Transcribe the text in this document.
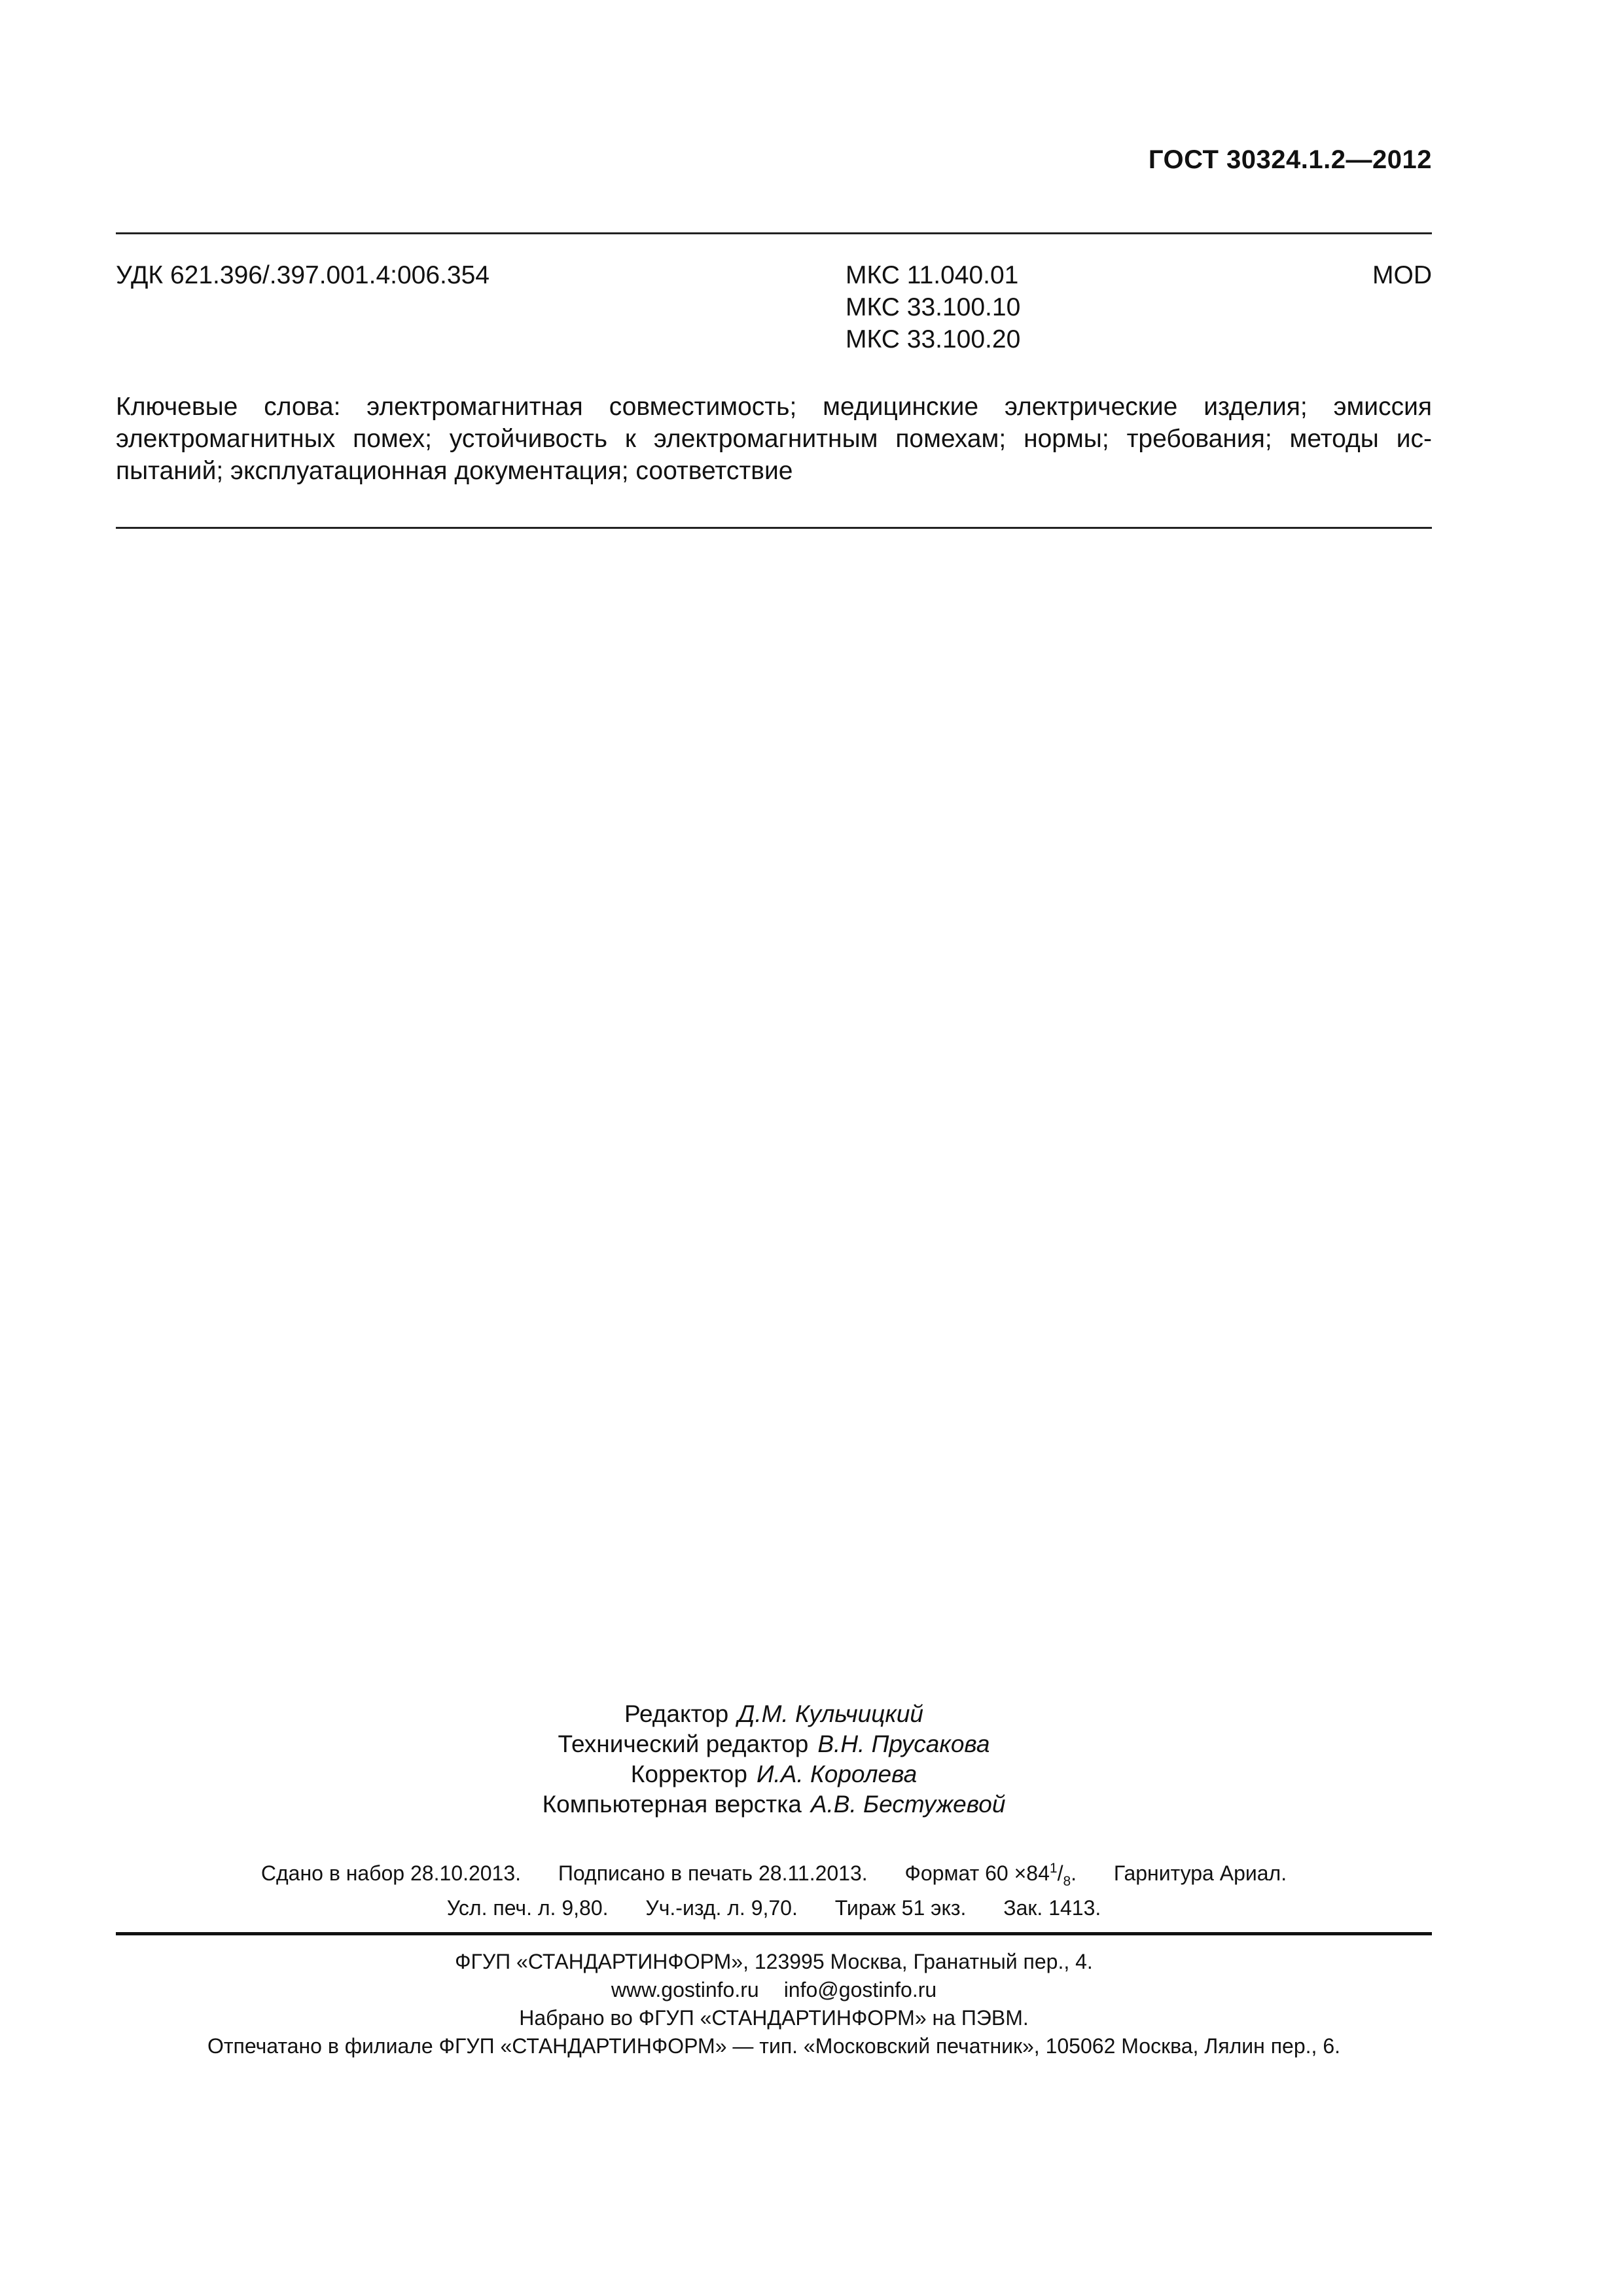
ГОСТ 30324.1.2—2012
УДК 621.396/.397.001.4:006.354	МКС 11.040.01
МКС 33.100.10
МКС 33.100.20
MOD

Ключевые слова: электромагнитная совместимость; медицинские электрические изделия; эмиссия электромагнитных помех; устойчивость к электромагнитным помехам; нормы; требования; методы испытаний; эксплуатационная документация; соответствие

Редактор Д.М. Кульчицкий
Технический редактор В.Н. Прусакова
Корректор И.А. Королева
Компьютерная верстка А.В. Бестужевой
Сдано в набор 28.10.2013. Подписано в печать 28.11.2013. Формат $60 \times 84^1/_8$. Гарнитура Ариал.
Усл. печ. л. 9,80. Уч.-изд. л. 9,70. Тираж 51 экз. Зак. 1413.
ФГУП «СТАНДАРТИНФОРМ», 123995 Москва, Гранатный пер., 4.
www.gostinfo.ru info@gostinfo.ru
Набрано во ФГУП «СТАНДАРТИНФОРМ» на ПЭВМ.
Отпечатано в филиале ФГУП «СТАНДАРТИНФОРМ» — тип. «Московский печатник», 105062 Москва, Лялин пер., 6.
